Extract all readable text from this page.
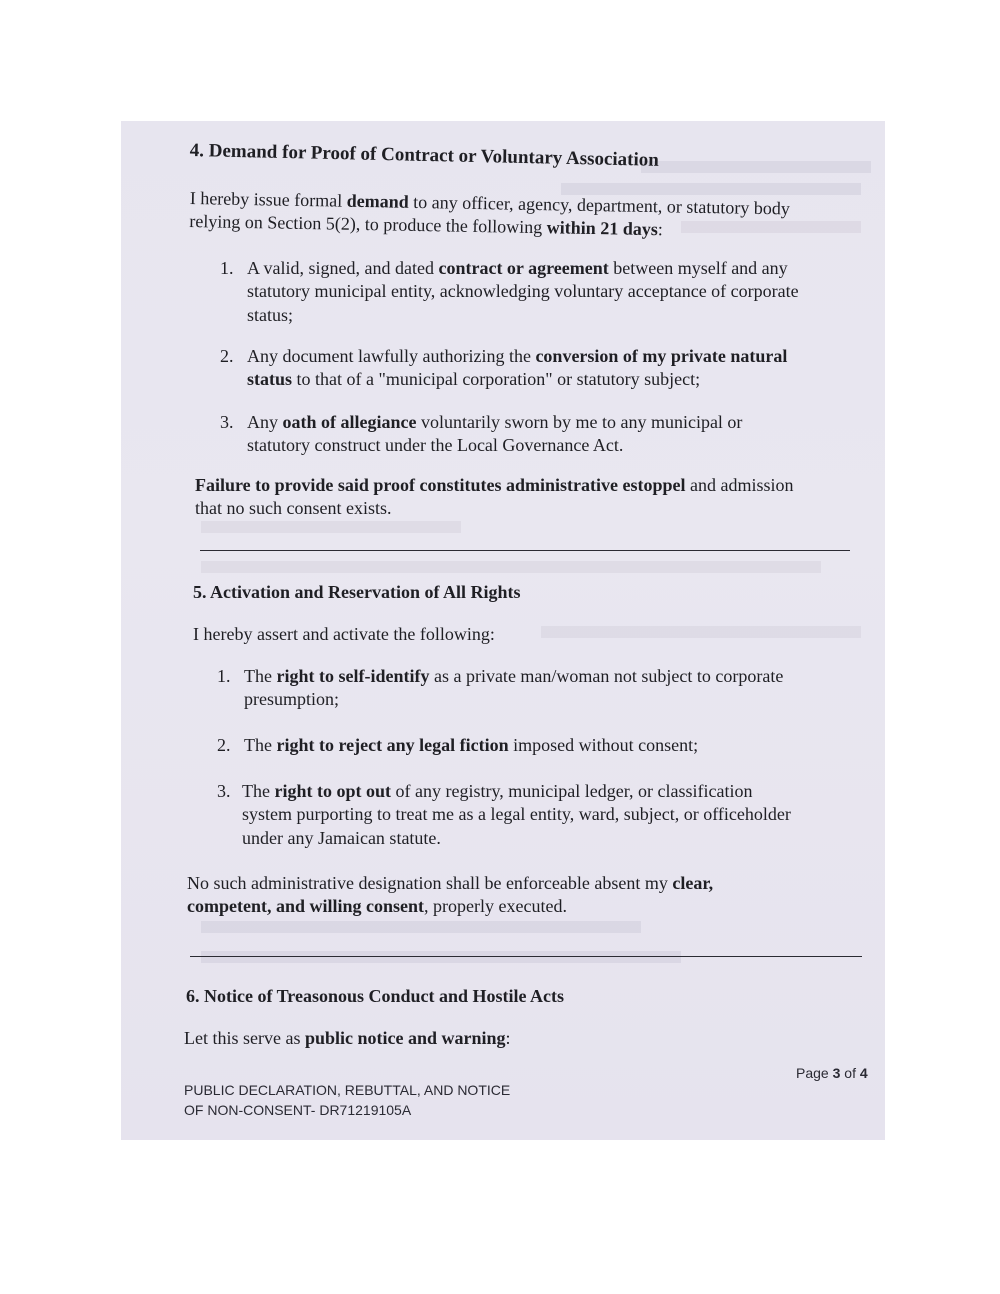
4. Demand for Proof of Contract or Voluntary Association

I hereby issue formal demand to any officer, agency, department, or statutory body
relying on Section 5(2), to produce the following within 21 days:

1. A valid, signed, and dated contract or agreement between myself and any
statutory municipal entity, acknowledging voluntary acceptance of corporate
status;
2. Any document lawfully authorizing the conversion of my private natural
status to that of a "municipal corporation" or statutory subject;
3. Any oath of allegiance voluntarily sworn by me to any municipal or
statutory construct under the Local Governance Act.

Failure to provide said proof constitutes administrative estoppel and admission
that no such consent exists.

5. Activation and Reservation of All Rights

I hereby assert and activate the following:

1. The right to self-identify as a private man/woman not subject to corporate
presumption;
2. The right to reject any legal fiction imposed without consent;
3. The right to opt out of any registry, municipal ledger, or classification
system purporting to treat me as a legal entity, ward, subject, or officeholder
under any Jamaican statute.

No such administrative designation shall be enforceable absent my clear,
competent, and willing consent, properly executed.

6. Notice of Treasonous Conduct and Hostile Acts

Let this serve as public notice and warning:

Page 3 of 4
PUBLIC DECLARATION, REBUTTAL, AND NOTICE
OF NON-CONSENT- DR71219105A
